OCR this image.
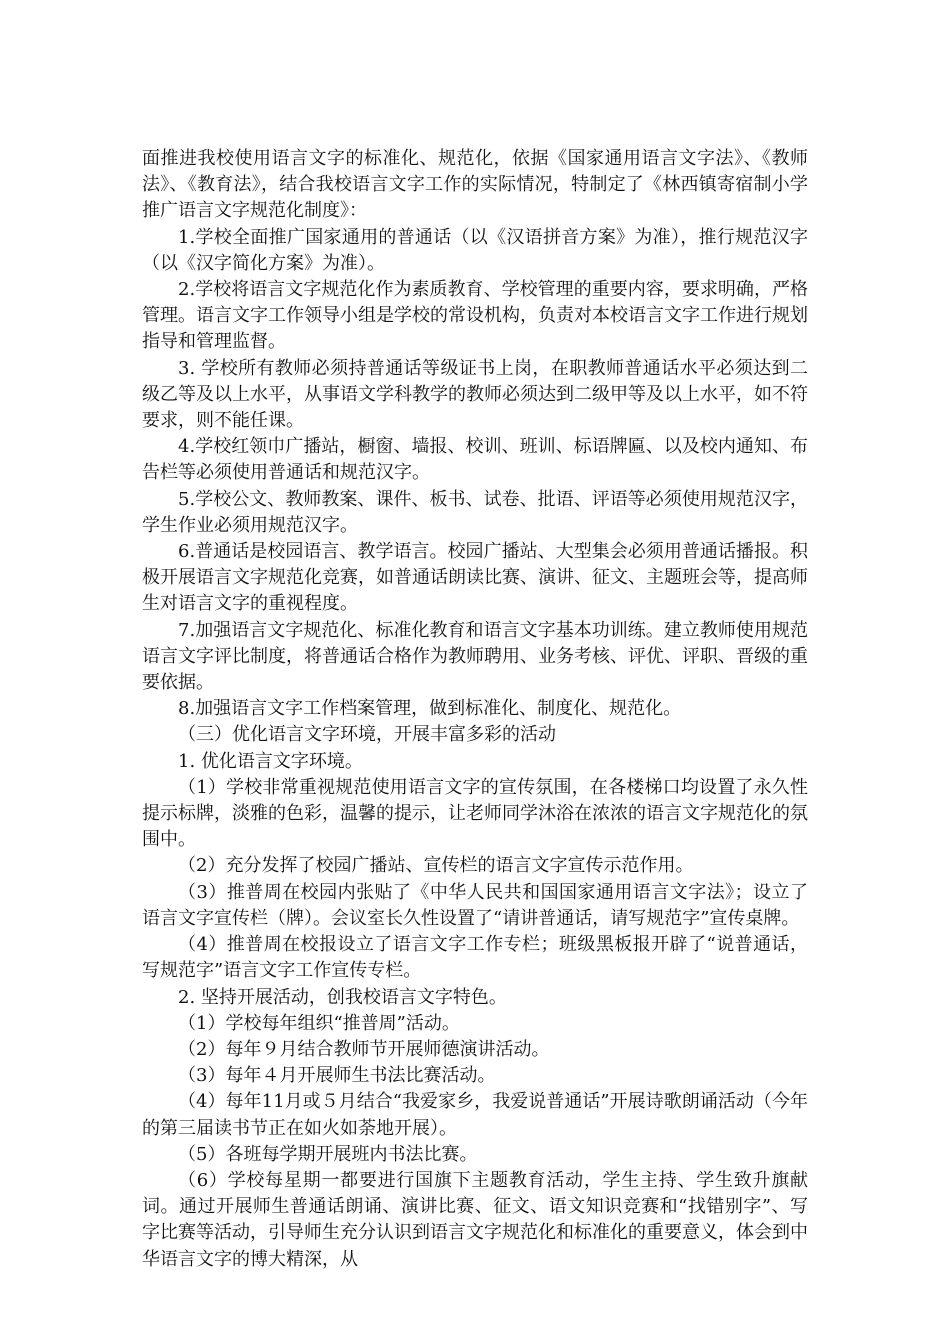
面推进我校使用语言文字的标准化、规范化，依据《国家通用语言文字法》、《教师法》、《教育法》，结合我校语言文字工作的实际情况，特制定了《林西镇寄宿制小学推广语言文字规范化制度》：

1.学校全面推广国家通用的普通话（以《汉语拼音方案》为准），推行规范汉字（以《汉字简化方案》为准）。

2.学校将语言文字规范化作为素质教育、学校管理的重要内容，要求明确，严格管理。语言文字工作领导小组是学校的常设机构，负责对本校语言文字工作进行规划指导和管理监督。

3. 学校所有教师必须持普通话等级证书上岗，在职教师普通话水平必须达到二级乙等及以上水平，从事语文学科教学的教师必须达到二级甲等及以上水平，如不符要求，则不能任课。

4.学校红领巾广播站，橱窗、墙报、校训、班训、标语牌匾、以及校内通知、布告栏等必须使用普通话和规范汉字。

5.学校公文、教师教案、课件、板书、试卷、批语、评语等必须使用规范汉字，学生作业必须用规范汉字。

6.普通话是校园语言、教学语言。校园广播站、大型集会必须用普通话播报。积极开展语言文字规范化竞赛，如普通话朗读比赛、演讲、征文、主题班会等，提高师生对语言文字的重视程度。

7.加强语言文字规范化、标准化教育和语言文字基本功训练。建立教师使用规范语言文字评比制度，将普通话合格作为教师聘用、业务考核、评优、评职、晋级的重要依据。

8.加强语言文字工作档案管理，做到标准化、制度化、规范化。

（三）优化语言文字环境，开展丰富多彩的活动

1. 优化语言文字环境。

（1）学校非常重视规范使用语言文字的宣传氛围，在各楼梯口均设置了永久性提示标牌，淡雅的色彩，温馨的提示，让老师同学沐浴在浓浓的语言文字规范化的氛围中。

（2）充分发挥了校园广播站、宣传栏的语言文字宣传示范作用。

（3）推普周在校园内张贴了《中华人民共和国国家通用语言文字法》；设立了语言文字宣传栏（牌）。会议室长久性设置了“请讲普通话，请写规范字”宣传桌牌。

（4）推普周在校报设立了语言文字工作专栏；班级黑板报开辟了“说普通话，写规范字”语言文字工作宣传专栏。

2. 坚持开展活动，创我校语言文字特色。

（1）学校每年组织“推普周”活动。

（2）每年９月结合教师节开展师德演讲活动。

（3）每年４月开展师生书法比赛活动。

（4）每年11月或５月结合“我爱家乡，我爱说普通话”开展诗歌朗诵活动（今年的第三届读书节正在如火如荼地开展）。

（5）各班每学期开展班内书法比赛。

（6）学校每星期一都要进行国旗下主题教育活动，学生主持、学生致升旗献词。通过开展师生普通话朗诵、演讲比赛、征文、语文知识竞赛和“找错别字”、写字比赛等活动，引导师生充分认识到语言文字规范化和标准化的重要意义，体会到中华语言文字的博大精深，从
